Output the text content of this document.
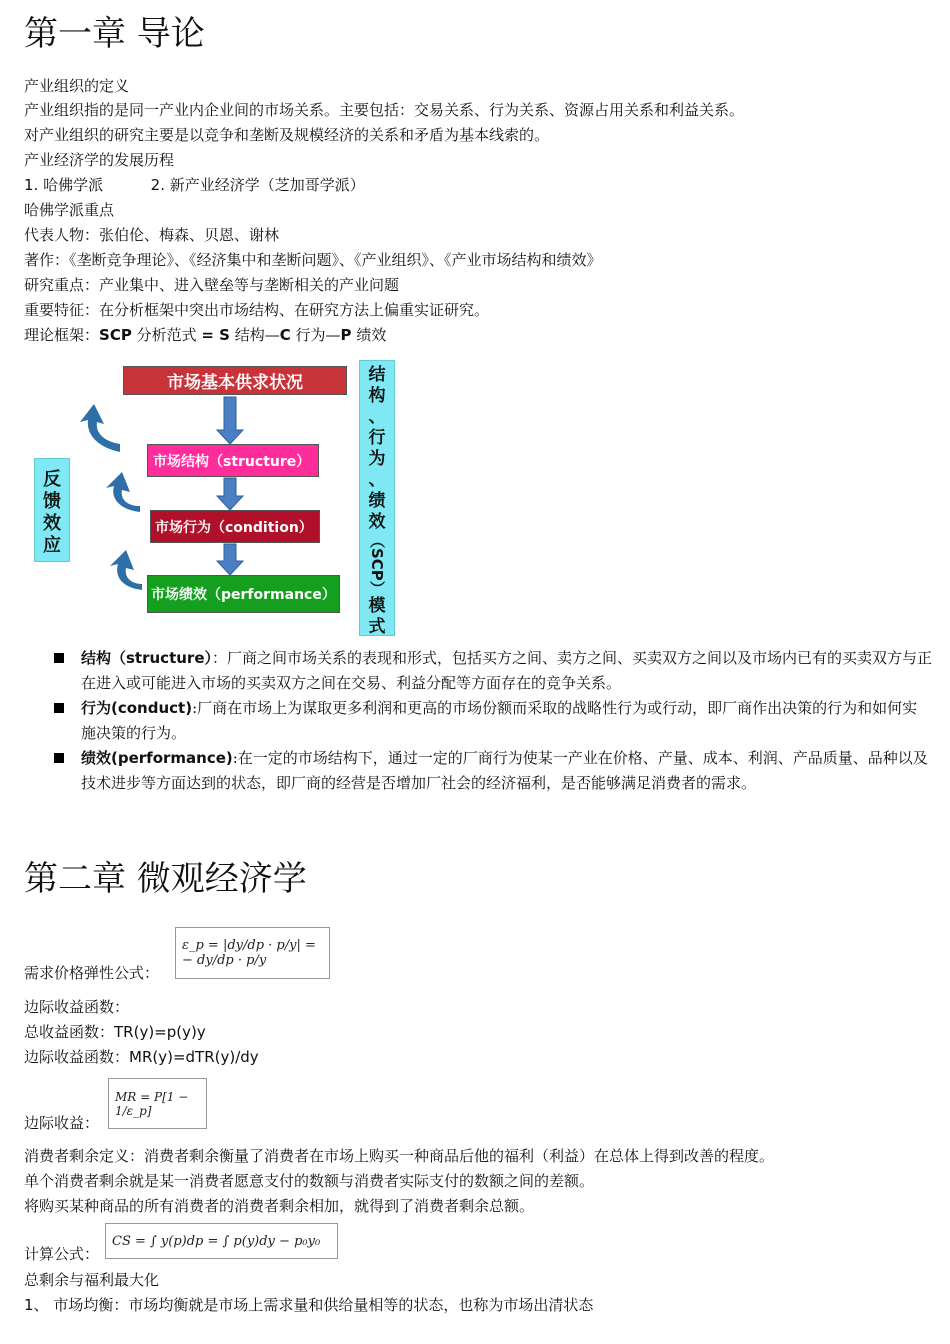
第一章 导论
产业组织的定义
产业组织指的是同一产业内企业间的市场关系。主要包括：交易关系、行为关系、资源占用关系和利益关系。
对产业组织的研究主要是以竞争和垄断及规模经济的关系和矛盾为基本线索的。
产业经济学的发展历程
1. 哈佛学派	2. 新产业经济学（芝加哥学派）
哈佛学派重点
代表人物：张伯伦、梅森、贝恩、谢林
著作：《垄断竞争理论》、《经济集中和垄断问题》、《产业组织》、《产业市场结构和绩效》
研究重点：产业集中、进入壁垒等与垄断相关的产业问题
重要特征：在分析框架中突出市场结构、在研究方法上偏重实证研究。
理论框架：SCP 分析范式 = S 结构—C 行为—P 绩效
市场基本供求状况
市场结构（structure）
市场行为（condition）
市场绩效（performance）
反
馈
效
应
结
构
、
行
为
、
绩
效
（SCP）
模
式
结构（structure）：厂商之间市场关系的表现和形式，包括买方之间、卖方之间、买卖双方之间以及市场内已有的买卖双方与正在进入或可能进入市场的买卖双方之间在交易、利益分配等方面存在的竞争关系。
行为(conduct):厂商在市场上为谋取更多利润和更高的市场份额而采取的战略性行为或行动，即厂商作出决策的行为和如何实施决策的行为。
绩效(performance):在一定的市场结构下，通过一定的厂商行为使某一产业在价格、产量、成本、利润、产品质量、品种以及技术进步等方面达到的状态，即厂商的经营是否增加厂社会的经济福利，是否能够满足消费者的需求。
第二章 微观经济学
需求价格弹性公式：
ε_p = |dy/dp · p/y| = − dy/dp · p/y
边际收益函数：
总收益函数：TR(y)=p(y)y
边际收益函数：MR(y)=dTR(y)/dy
边际收益：
MR = P[1 − 1/ε_p]
消费者剩余定义：消费者剩余衡量了消费者在市场上购买一种商品后他的福利（利益）在总体上得到改善的程度。
单个消费者剩余就是某一消费者愿意支付的数额与消费者实际支付的数额之间的差额。
将购买某种商品的所有消费者的消费者剩余相加，就得到了消费者剩余总额。
计算公式：
CS = ∫ y(p)dp = ∫ p(y)dy − p₀y₀
总剩余与福利最大化
1、 市场均衡：市场均衡就是市场上需求量和供给量相等的状态，也称为市场出清状态
